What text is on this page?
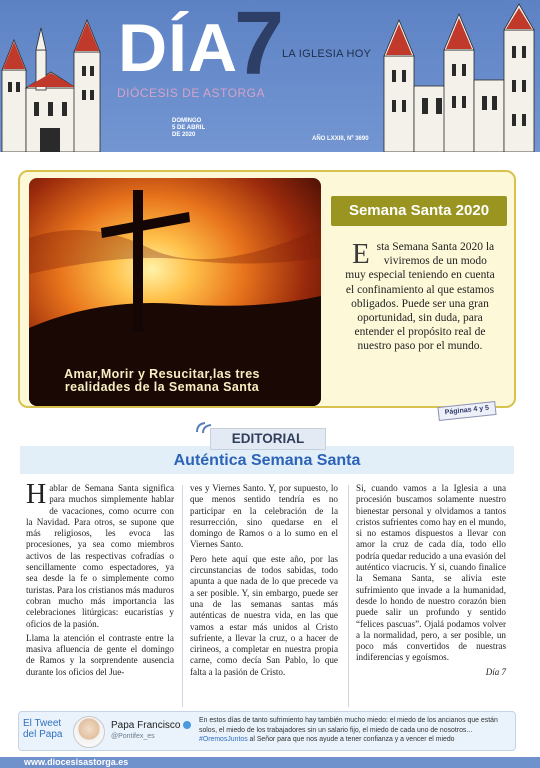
DÍA
7
LA IGLESIA HOY
DIÓCESIS DE ASTORGA
DOMINGO
5 DE ABRIL
DE 2020
AÑO LXXIII, Nº 3690
Amar,Morir y Resucitar,las tres realidades de la Semana Santa
Semana Santa 2020
Esta Semana Santa 2020 la viviremos de un modo muy especial teniendo en cuenta el confinamiento al que estamos obligados. Puede ser una gran oportunidad, sin duda, para entender el propósito real de nuestro paso por el mundo.
Páginas 4 y 5
EDITORIAL
Auténtica Semana Santa

Hablar de Semana Santa significa para muchos simplemente hablar de vacaciones, como ocurre con la Navidad. Para otros, se supone que más religiosos, les evoca las procesiones, ya sea como miembros activos de las respectivas cofradías o sencillamente como espectadores, ya sea desde la fe o simplemente como turistas. Para los cristianos más maduros cobran mucho más importancia las celebraciones litúrgicas: eucaristías y oficios de la pasión.

Llama la atención el contraste entre la masiva afluencia de gente el domingo de Ramos y la sorprendente ausencia durante los oficios del Jue-

ves y Viernes Santo. Y, por supuesto, lo que menos sentido tendría es no participar en la celebración de la resurrección, sino quedarse en el domingo de Ramos o a lo sumo en el Viernes Santo.

Pero hete aquí que este año, por las circunstancias de todos sabidas, todo apunta a que nada de lo que precede va a ser posible. Y, sin embargo, puede ser una de las semanas santas más auténticas de nuestra vida, en las que vamos a estar más unidos al Cristo sufriente, a llevar la cruz, o a hacer de cirineos, a completar en nuestra propia carne, como decía San Pablo, lo que falta a la pasión de Cristo.

Si, cuando vamos a la Iglesia a una procesión buscamos solamente nuestro bienestar personal y olvidamos a tantos cristos sufrientes como hay en el mundo, si no estamos dispuestos a llevar con amor la cruz de cada día, todo ello podría quedar reducido a una evasión del auténtico viacrucis. Y si, cuando finalice la Semana Santa, se alivia este sufrimiento que invade a la humanidad, desde lo hondo de nuestro corazón bien puede salir un profundo y sentido “felices pascuas”. Ojalá podamos volver a la normalidad, pero, a ser posible, un poco más convertidos de nuestras indiferencias y egoísmos.

Día 7
El Tweet
del Papa
Papa Francisco
@Pontifex_es
En estos días de tanto sufrimiento hay también mucho miedo: el miedo de los ancianos que están solos, el miedo de los trabajadores sin un salario fijo, el miedo de cada uno de nosotros...
#OremosJuntos al Señor para que nos ayude a tener confianza y a vencer el miedo
www.diocesisastorga.es
